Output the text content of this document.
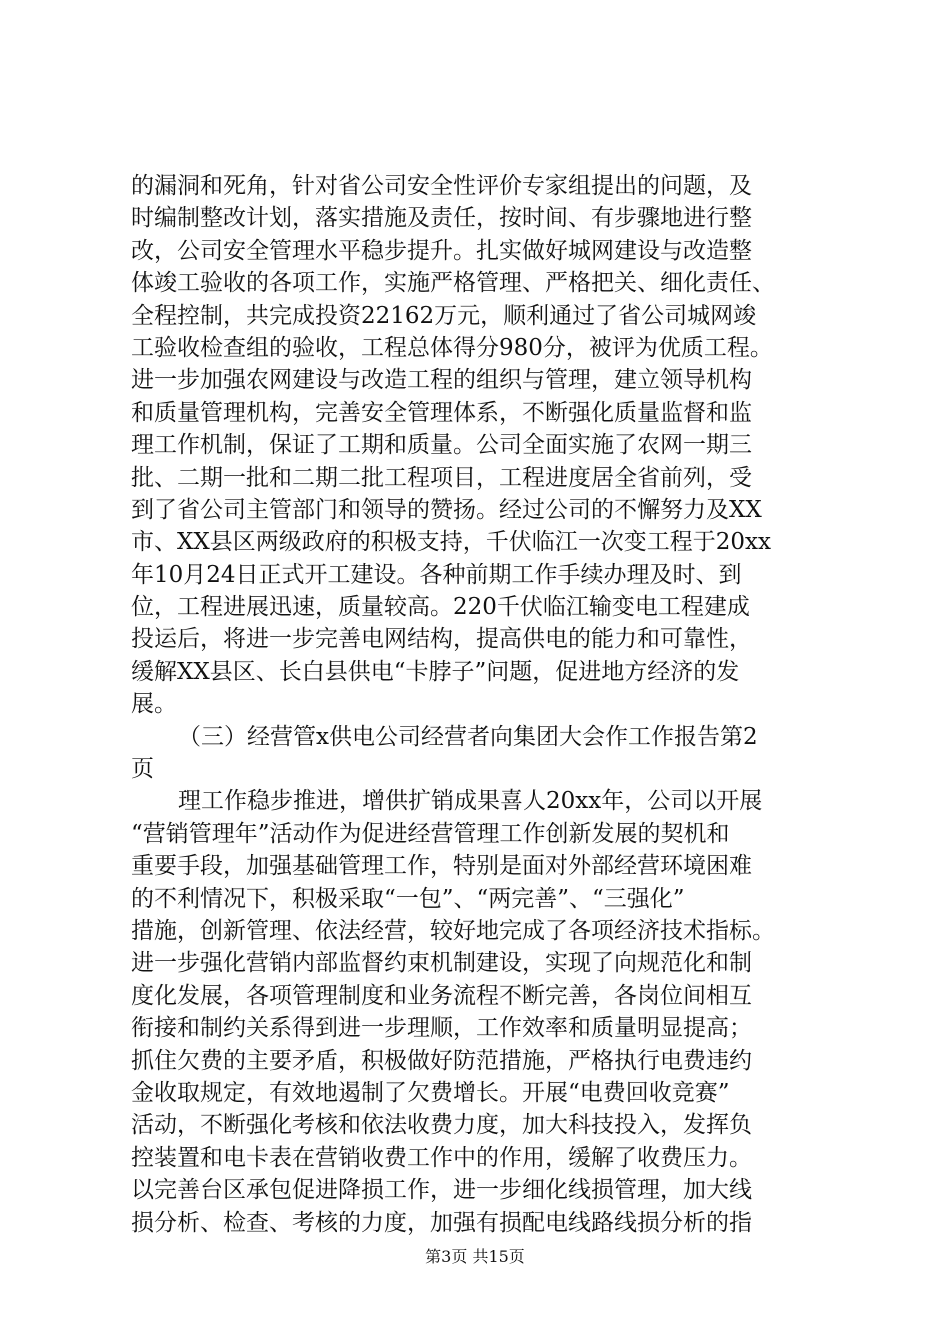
的漏洞和死角，针对省公司安全性评价专家组提出的问题，及
时编制整改计划，落实措施及责任，按时间、有步骤地进行整
改，公司安全管理水平稳步提升。扎实做好城网建设与改造整
体竣工验收的各项工作，实施严格管理、严格把关、细化责任、
全程控制，共完成投资22162万元，顺利通过了省公司城网竣
工验收检查组的验收，工程总体得分980分，被评为优质工程。
进一步加强农网建设与改造工程的组织与管理，建立领导机构
和质量管理机构，完善安全管理体系，不断强化质量监督和监
理工作机制，保证了工期和质量。公司全面实施了农网一期三
批、二期一批和二期二批工程项目，工程进度居全省前列，受
到了省公司主管部门和领导的赞扬。经过公司的不懈努力及XX
市、XX县区两级政府的积极支持，千伏临江一次变工程于20xx
年10月24日正式开工建设。各种前期工作手续办理及时、到
位，工程进展迅速，质量较高。220千伏临江输变电工程建成
投运后，将进一步完善电网结构，提高供电的能力和可靠性，
缓解XX县区、长白县供电“卡脖子”问题，促进地方经济的发
展。
（三）经营管x供电公司经营者向集团大会作工作报告第2
页
理工作稳步推进，增供扩销成果喜人20xx年，公司以开展
“营销管理年”活动作为促进经营管理工作创新发展的契机和
重要手段，加强基础管理工作，特别是面对外部经营环境困难
的不利情况下，积极采取“一包”、“两完善”、“三强化”
措施，创新管理、依法经营，较好地完成了各项经济技术指标。
进一步强化营销内部监督约束机制建设，实现了向规范化和制
度化发展，各项管理制度和业务流程不断完善，各岗位间相互
衔接和制约关系得到进一步理顺，工作效率和质量明显提高；
抓住欠费的主要矛盾，积极做好防范措施，严格执行电费违约
金收取规定，有效地遏制了欠费增长。开展“电费回收竞赛”
活动，不断强化考核和依法收费力度，加大科技投入，发挥负
控装置和电卡表在营销收费工作中的作用，缓解了收费压力。
以完善台区承包促进降损工作，进一步细化线损管理，加大线
损分析、检查、考核的力度，加强有损配电线路线损分析的指
第3页 共15页
